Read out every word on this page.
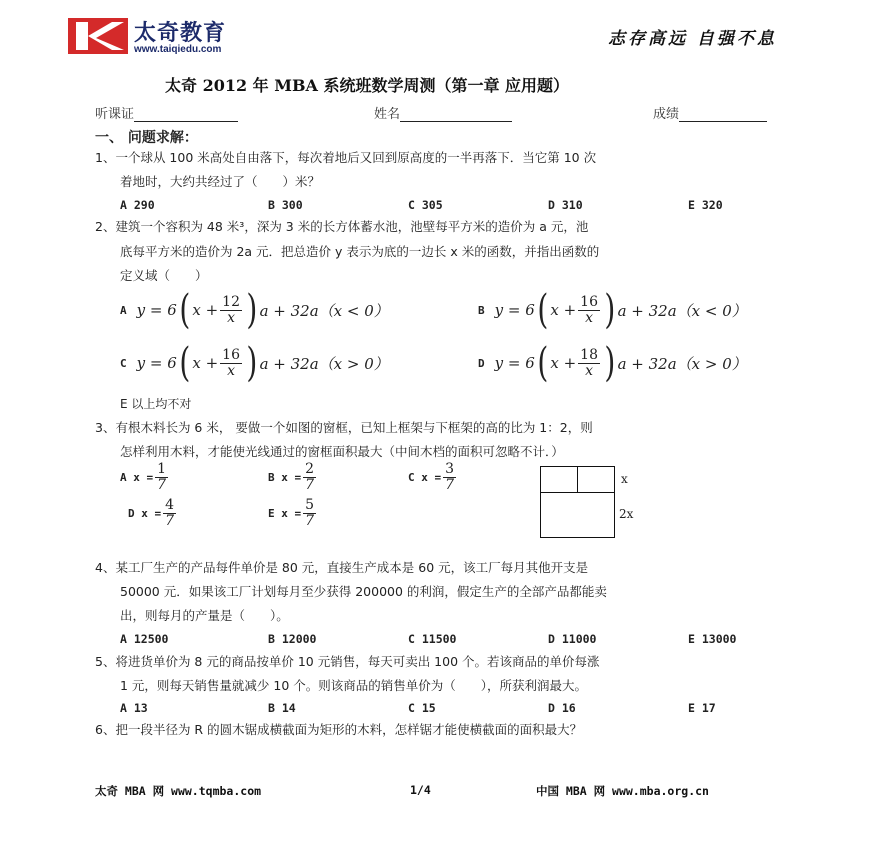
太奇教育
www.taiqiedu.com
志存高远 自强不息
太奇 2012 年 MBA 系统班数学周测（第一章 应用题）
听课证	姓名	成绩
一、 问题求解：
1、一个球从 100 米高处自由落下，每次着地后又回到原高度的一半再落下．当它第 10 次
着地时，大约共经过了（　　）米？
A 290	B 300	C 305	D 310	E 320
2、建筑一个容积为 48 米³，深为 3 米的长方体蓄水池，池壁每平方米的造价为 a 元，池
底每平方米的造价为 2a 元．把总造价 y 表示为底的一边长 x 米的函数，并指出函数的
定义域（　　）
A y = 6 ( $x + \frac{12}{x}$ ) a + 32a（x < 0）	B y = 6 ( $x + \frac{16}{x}$ ) a + 32a（x < 0）
C y = 6 ( $x + \frac{16}{x}$ ) a + 32a（x > 0）	D y = 6 ( $x + \frac{18}{x}$ ) a + 32a（x > 0）
E 以上均不对
3、有根木料长为 6 米， 要做一个如图的窗框，已知上框架与下框架的高的比为 1：2，则
怎样利用木料，才能使光线通过的窗框面积最大（中间木档的面积可忽略不计．）
A $x = \frac{1}{7}$	B $x = \frac{2}{7}$	C $x = \frac{3}{7}$
D $x = \frac{4}{7}$	E $x = \frac{5}{7}$
x
2x
4、某工厂生产的产品每件单价是 80 元，直接生产成本是 60 元，该工厂每月其他开支是
50000 元．如果该工厂计划每月至少获得 200000 的利润，假定生产的全部产品都能卖
出，则每月的产量是（　　）。
A 12500	B 12000	C 11500	D 11000	E 13000
5、将进货单价为 8 元的商品按单价 10 元销售，每天可卖出 100 个。若该商品的单价每涨
1 元，则每天销售量就减少 10 个。则该商品的销售单价为（　　），所获利润最大。
A 13	B 14	C 15	D 16	E 17
6、把一段半径为 R 的圆木锯成横截面为矩形的木料，怎样锯才能使横截面的面积最大？
太奇 MBA 网 www.tqmba.com	1/4	中国 MBA 网 www.mba.org.cn
